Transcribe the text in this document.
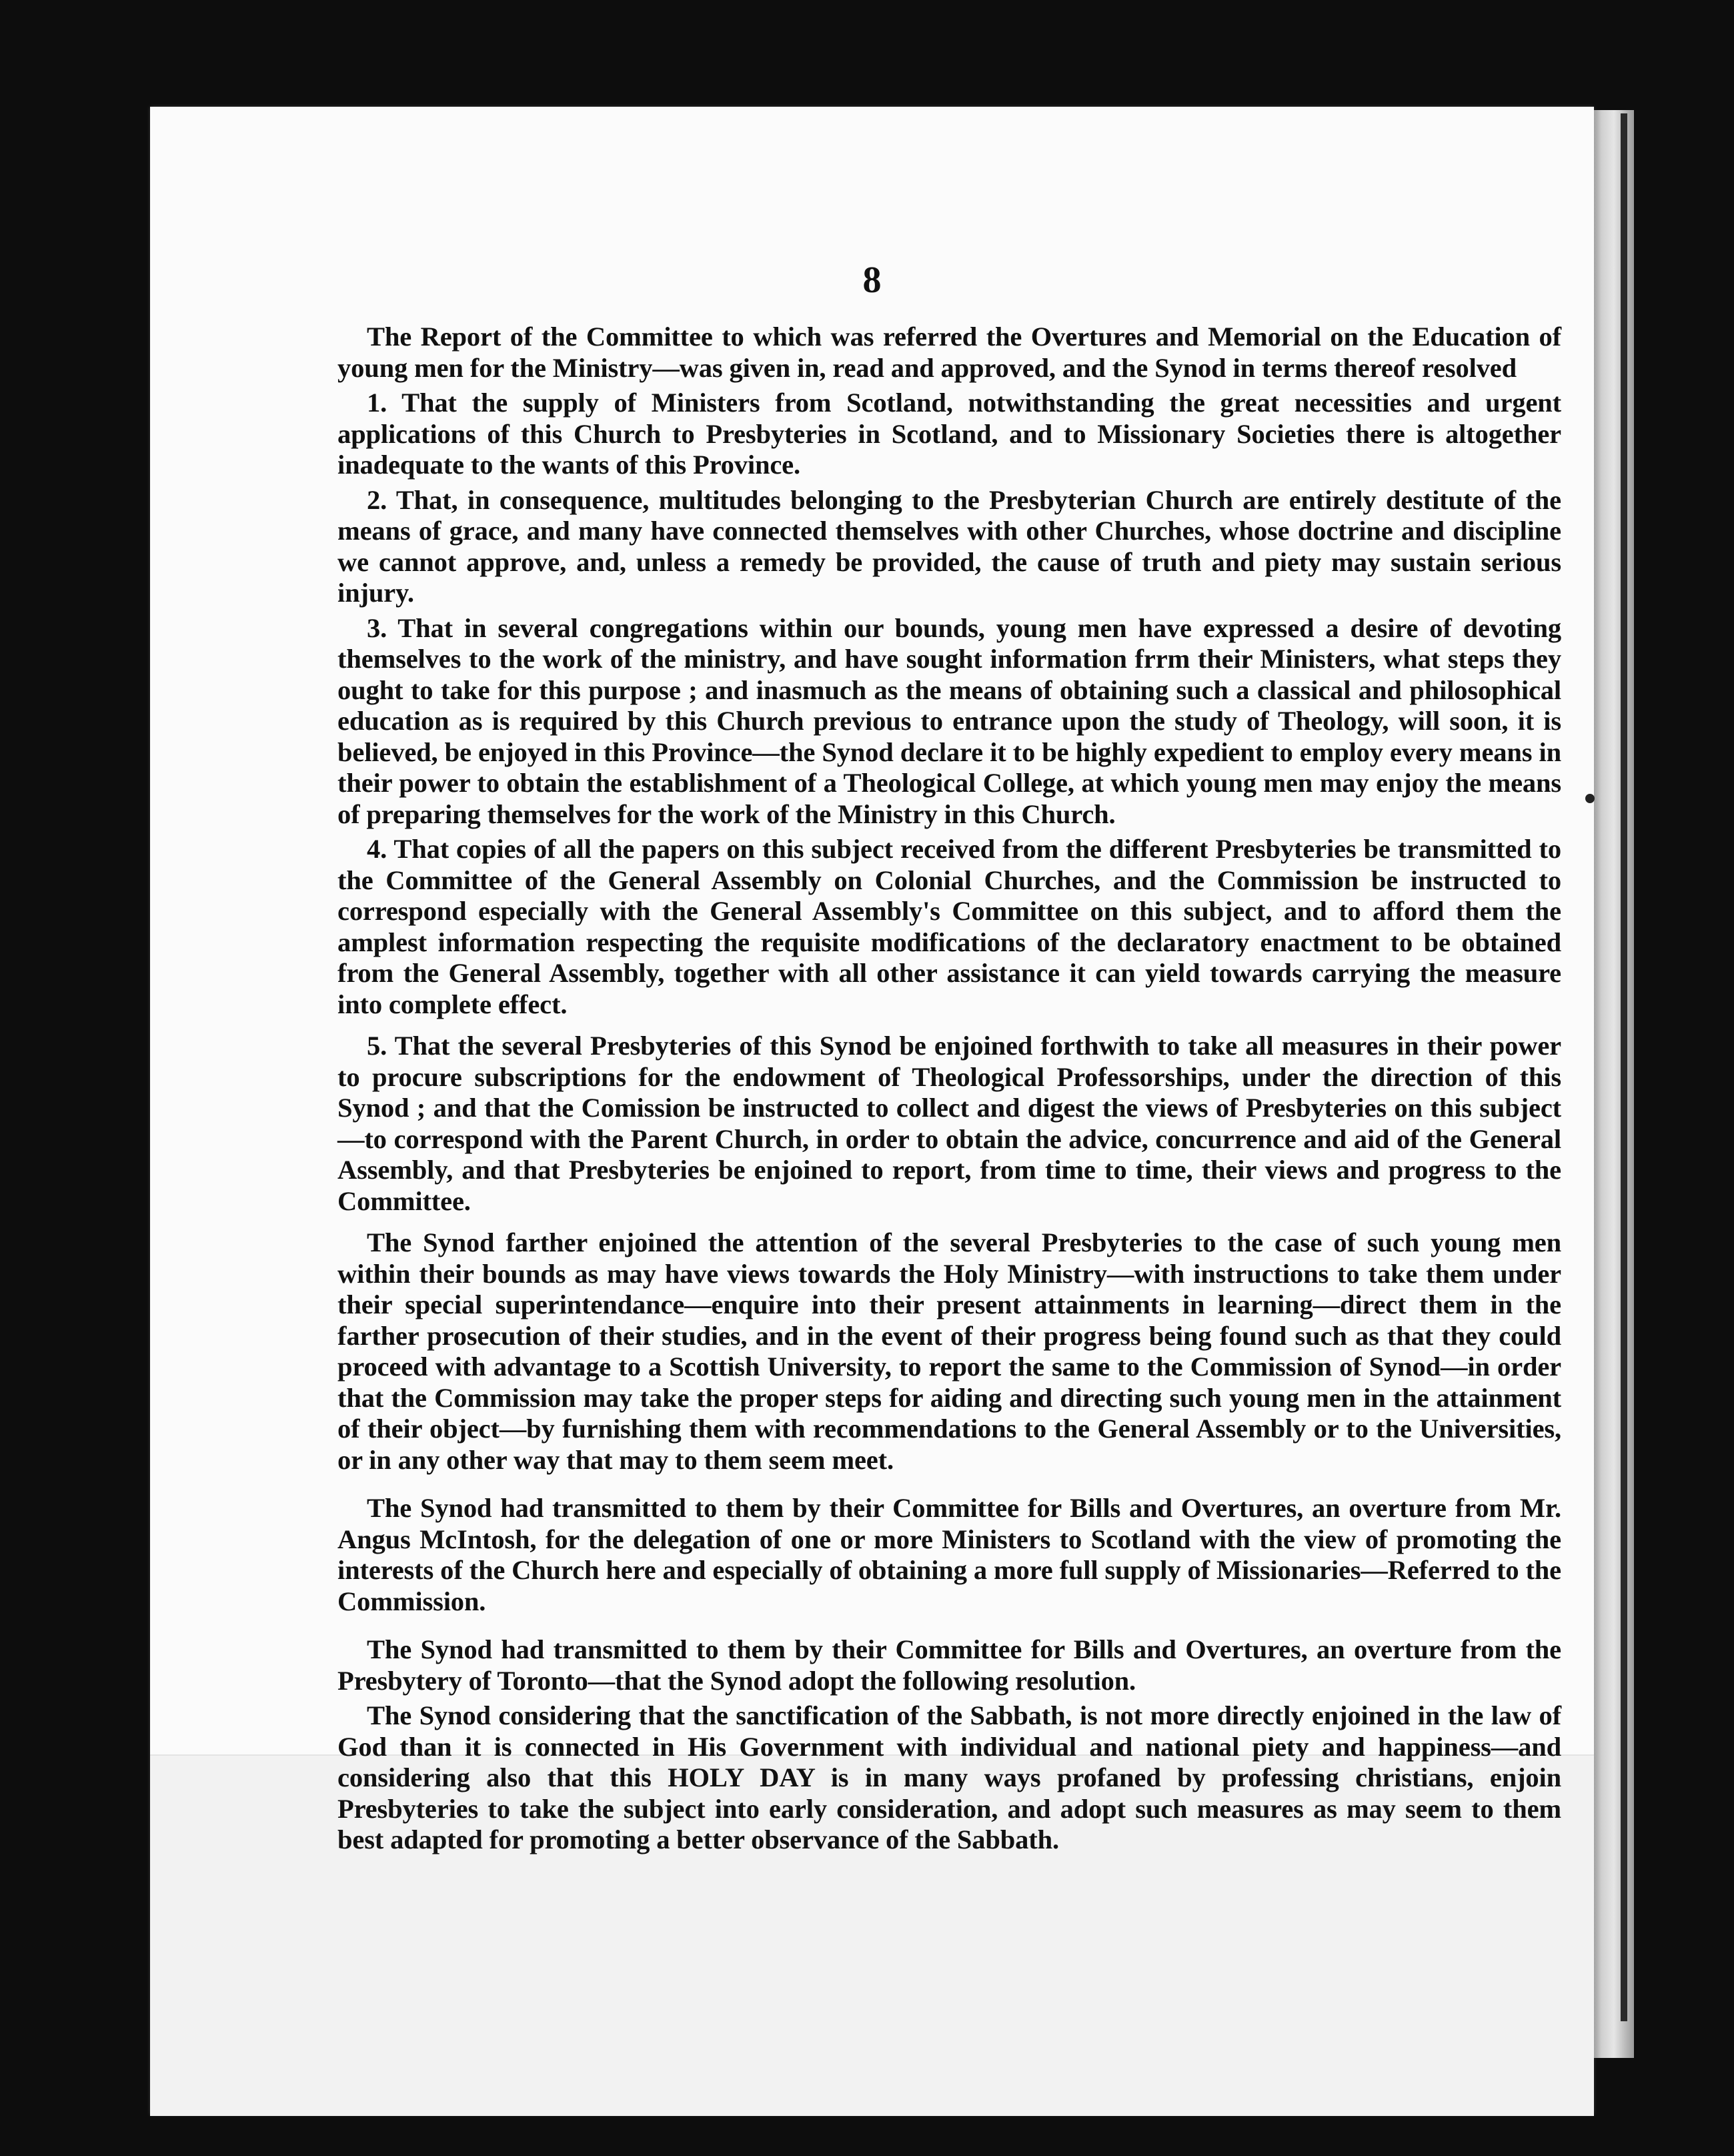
8

The Report of the Committee to which was referred the Overtures and Memorial on the Education of young men for the Ministry—was given in, read and approved, and the Synod in terms thereof resolved

1. That the supply of Ministers from Scotland, notwithstanding the great necessities and urgent applications of this Church to Presbyteries in Scotland, and to Missionary Societies there is altogether inadequate to the wants of this Province.

2. That, in consequence, multitudes belonging to the Presbyterian Church are entirely destitute of the means of grace, and many have connected themselves with other Churches, whose doctrine and discipline we cannot approve, and, unless a remedy be provided, the cause of truth and piety may sustain serious injury.

3. That in several congregations within our bounds, young men have expressed a desire of devoting themselves to the work of the ministry, and have sought information frrm their Ministers, what steps they ought to take for this purpose ; and inasmuch as the means of obtaining such a classical and philosophical education as is required by this Church previous to entrance upon the study of Theology, will soon, it is believed, be enjoyed in this Province—the Synod declare it to be highly expedient to employ every means in their power to obtain the establishment of a Theological College, at which young men may enjoy the means of preparing themselves for the work of the Ministry in this Church.

4. That copies of all the papers on this subject received from the different Presbyteries be transmitted to the Committee of the General Assembly on Colonial Churches, and the Commission be instructed to correspond especially with the General Assembly's Committee on this subject, and to afford them the amplest information respecting the requisite modifications of the declaratory enactment to be obtained from the General Assembly, together with all other assistance it can yield towards carrying the measure into complete effect.

5. That the several Presbyteries of this Synod be enjoined forthwith to take all measures in their power to procure subscriptions for the endowment of Theological Professorships, under the direction of this Synod ; and that the Comission be instructed to collect and digest the views of Presbyteries on this subject—to correspond with the Parent Church, in order to obtain the advice, concurrence and aid of the General Assembly, and that Presbyteries be enjoined to report, from time to time, their views and progress to the Committee.

The Synod farther enjoined the attention of the several Presbyteries to the case of such young men within their bounds as may have views towards the Holy Ministry—with instructions to take them under their special superintendance—enquire into their present attainments in learning—direct them in the farther prosecution of their studies, and in the event of their progress being found such as that they could proceed with advantage to a Scottish University, to report the same to the Commission of Synod—in order that the Commission may take the proper steps for aiding and directing such young men in the attainment of their object—by furnishing them with recommendations to the General Assembly or to the Universities, or in any other way that may to them seem meet.

The Synod had transmitted to them by their Committee for Bills and Overtures, an overture from Mr. Angus McIntosh, for the delegation of one or more Ministers to Scotland with the view of promoting the interests of the Church here and especially of obtaining a more full supply of Missionaries—Referred to the Commission.

The Synod had transmitted to them by their Committee for Bills and Overtures, an overture from the Presbytery of Toronto—that the Synod adopt the following resolution.

The Synod considering that the sanctification of the Sabbath, is not more directly enjoined in the law of God than it is connected in His Government with individual and national piety and happiness—and considering also that this HOLY DAY is in many ways profaned by professing christians, enjoin Presbyteries to take the subject into early consideration, and adopt such measures as may seem to them best adapted for promoting a better observance of the Sabbath.
